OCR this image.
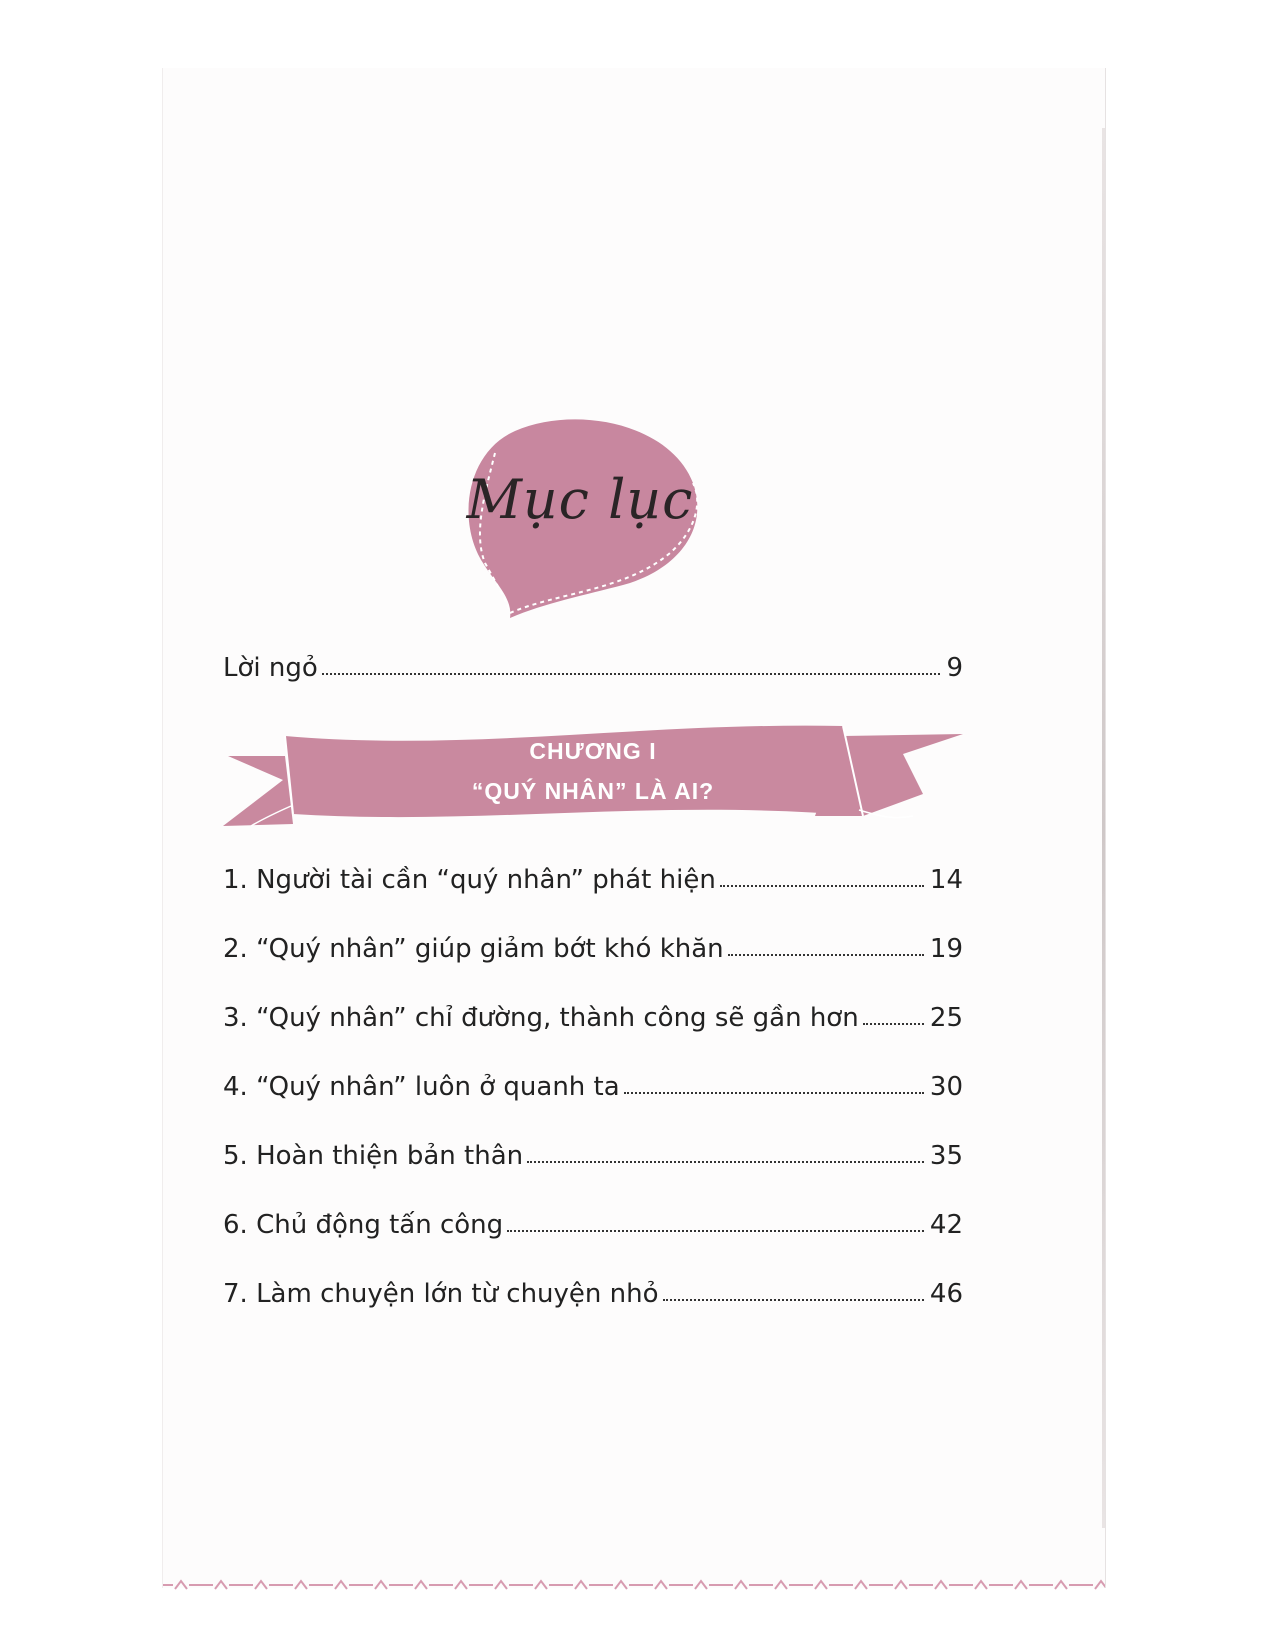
Mục lục
Lời ngỏ	9
CHƯƠNG I
“QUÝ NHÂN” LÀ AI?
1. Người tài cần “quý nhân” phát hiện	14
2. “Quý nhân” giúp giảm bớt khó khăn	19
3. “Quý nhân” chỉ đường, thành công sẽ gần hơn	25
4. “Quý nhân” luôn ở quanh ta	30
5. Hoàn thiện bản thân	35
6. Chủ động tấn công	42
7. Làm chuyện lớn từ chuyện nhỏ	46
